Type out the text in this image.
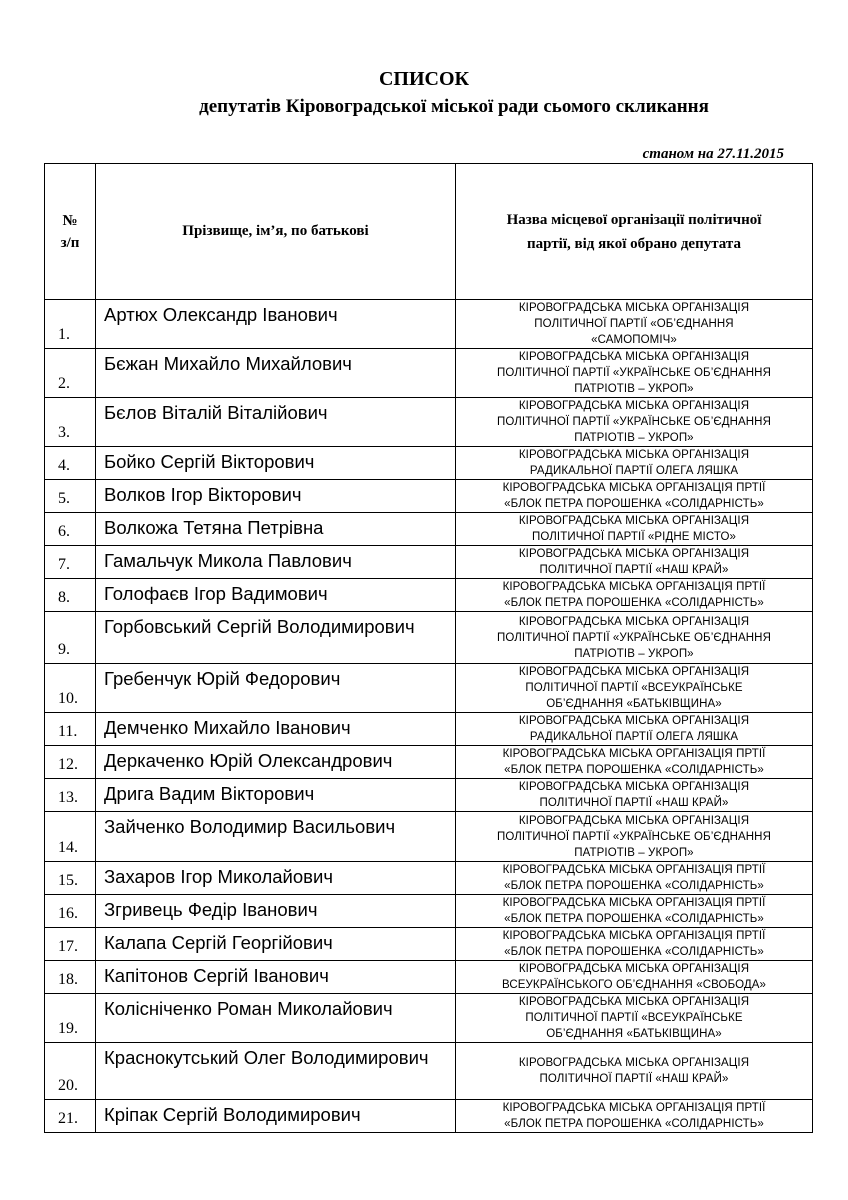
СПИСОК
депутатів Кіровоградської міської ради сьомого скликання
станом на 27.11.2015
№
з/п	Прізвище, ім’я, по батькові	Назва місцевої організації політичної
партії, від якої обрано депутата

1.	Артюх Олександр Іванович	КІРОВОГРАДСЬКА МІСЬКА ОРГАНІЗАЦІЯ
ПОЛІТИЧНОЇ ПАРТІЇ «ОБ’ЄДНАННЯ
«САМОПОМІЧ»

2.	Бєжан Михайло Михайлович	КІРОВОГРАДСЬКА МІСЬКА ОРГАНІЗАЦІЯ
ПОЛІТИЧНОЇ ПАРТІЇ «УКРАЇНСЬКЕ ОБ’ЄДНАННЯ
ПАТРІОТІВ – УКРОП»

3.	Бєлов Віталій Віталійович	КІРОВОГРАДСЬКА МІСЬКА ОРГАНІЗАЦІЯ
ПОЛІТИЧНОЇ ПАРТІЇ «УКРАЇНСЬКЕ ОБ’ЄДНАННЯ
ПАТРІОТІВ – УКРОП»

4.	Бойко Сергій Вікторович	КІРОВОГРАДСЬКА МІСЬКА ОРГАНІЗАЦІЯ
РАДИКАЛЬНОЇ ПАРТІЇ ОЛЕГА ЛЯШКА

5.	Волков Ігор Вікторович	КІРОВОГРАДСЬКА МІСЬКА ОРГАНІЗАЦІЯ ПРТІЇ
«БЛОК ПЕТРА ПОРОШЕНКА «СОЛІДАРНІСТЬ»

6.	Волкожа Тетяна Петрівна	КІРОВОГРАДСЬКА МІСЬКА ОРГАНІЗАЦІЯ
ПОЛІТИЧНОЇ ПАРТІЇ «РІДНЕ МІСТО»

7.	Гамальчук Микола Павлович	КІРОВОГРАДСЬКА МІСЬКА ОРГАНІЗАЦІЯ
ПОЛІТИЧНОЇ ПАРТІЇ «НАШ КРАЙ»

8.	Голофаєв Ігор Вадимович	КІРОВОГРАДСЬКА МІСЬКА ОРГАНІЗАЦІЯ ПРТІЇ
«БЛОК ПЕТРА ПОРОШЕНКА «СОЛІДАРНІСТЬ»

9.	Горбовський Сергій Володимирович	КІРОВОГРАДСЬКА МІСЬКА ОРГАНІЗАЦІЯ
ПОЛІТИЧНОЇ ПАРТІЇ «УКРАЇНСЬКЕ ОБ’ЄДНАННЯ
ПАТРІОТІВ – УКРОП»

10.	Гребенчук Юрій Федорович	КІРОВОГРАДСЬКА МІСЬКА ОРГАНІЗАЦІЯ
ПОЛІТИЧНОЇ ПАРТІЇ «ВСЕУКРАЇНСЬКЕ
ОБ’ЄДНАННЯ «БАТЬКІВЩИНА»

11.	Демченко Михайло Іванович	КІРОВОГРАДСЬКА МІСЬКА ОРГАНІЗАЦІЯ
РАДИКАЛЬНОЇ ПАРТІЇ ОЛЕГА ЛЯШКА

12.	Деркаченко Юрій Олександрович	КІРОВОГРАДСЬКА МІСЬКА ОРГАНІЗАЦІЯ ПРТІЇ
«БЛОК ПЕТРА ПОРОШЕНКА «СОЛІДАРНІСТЬ»

13.	Дрига Вадим Вікторович	КІРОВОГРАДСЬКА МІСЬКА ОРГАНІЗАЦІЯ
ПОЛІТИЧНОЇ ПАРТІЇ «НАШ КРАЙ»

14.	Зайченко Володимир Васильович	КІРОВОГРАДСЬКА МІСЬКА ОРГАНІЗАЦІЯ
ПОЛІТИЧНОЇ ПАРТІЇ «УКРАЇНСЬКЕ ОБ’ЄДНАННЯ
ПАТРІОТІВ – УКРОП»

15.	Захаров Ігор Миколайович	КІРОВОГРАДСЬКА МІСЬКА ОРГАНІЗАЦІЯ ПРТІЇ
«БЛОК ПЕТРА ПОРОШЕНКА «СОЛІДАРНІСТЬ»

16.	Згривець Федір Іванович	КІРОВОГРАДСЬКА МІСЬКА ОРГАНІЗАЦІЯ ПРТІЇ
«БЛОК ПЕТРА ПОРОШЕНКА «СОЛІДАРНІСТЬ»

17.	Калапа Сергій Георгійович	КІРОВОГРАДСЬКА МІСЬКА ОРГАНІЗАЦІЯ ПРТІЇ
«БЛОК ПЕТРА ПОРОШЕНКА «СОЛІДАРНІСТЬ»

18.	Капітонов Сергій Іванович	КІРОВОГРАДСЬКА МІСЬКА ОРГАНІЗАЦІЯ
ВСЕУКРАЇНСЬКОГО ОБ’ЄДНАННЯ «СВОБОДА»

19.	Колісніченко Роман Миколайович	КІРОВОГРАДСЬКА МІСЬКА ОРГАНІЗАЦІЯ
ПОЛІТИЧНОЇ ПАРТІЇ «ВСЕУКРАЇНСЬКЕ
ОБ’ЄДНАННЯ «БАТЬКІВЩИНА»

20.	Краснокутський Олег Володимирович	КІРОВОГРАДСЬКА МІСЬКА ОРГАНІЗАЦІЯ
ПОЛІТИЧНОЇ ПАРТІЇ «НАШ КРАЙ»

21.	Кріпак Сергій Володимирович	КІРОВОГРАДСЬКА МІСЬКА ОРГАНІЗАЦІЯ ПРТІЇ
«БЛОК ПЕТРА ПОРОШЕНКА «СОЛІДАРНІСТЬ»
